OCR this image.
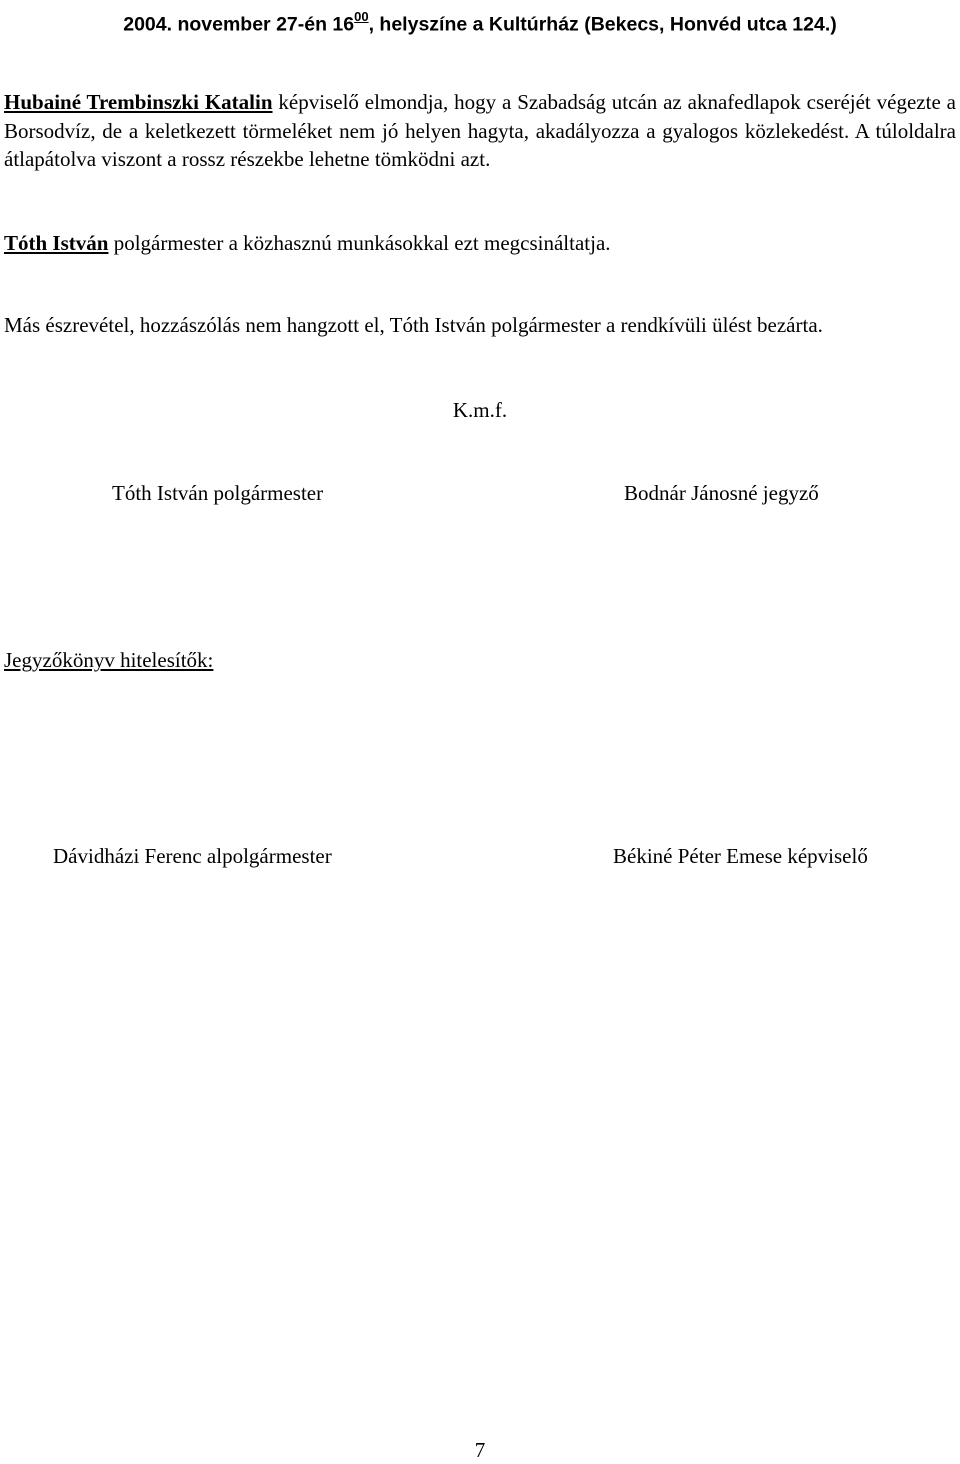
2004. november 27-én $16^{00}$, helyszíne a Kultúrház (Bekecs, Honvéd utca 124.)
Hubainé Trembinszki Katalin képviselő elmondja, hogy a Szabadság utcán az aknafedlapok cseréjét végezte a Borsodvíz, de a keletkezett törmeléket nem jó helyen hagyta, akadályozza a gyalogos közlekedést. A túloldalra átlapátolva viszont a rossz részekbe lehetne tömködni azt.
Tóth István polgármester a közhasznú munkásokkal ezt megcsináltatja.
Más észrevétel, hozzászólás nem hangzott el, Tóth István polgármester a rendkívüli ülést bezárta.
K.m.f.
Tóth István polgármester	Bodnár Jánosné jegyző
Jegyzőkönyv hitelesítők:
Dávidházi Ferenc alpolgármester	Békiné Péter Emese képviselő
7
